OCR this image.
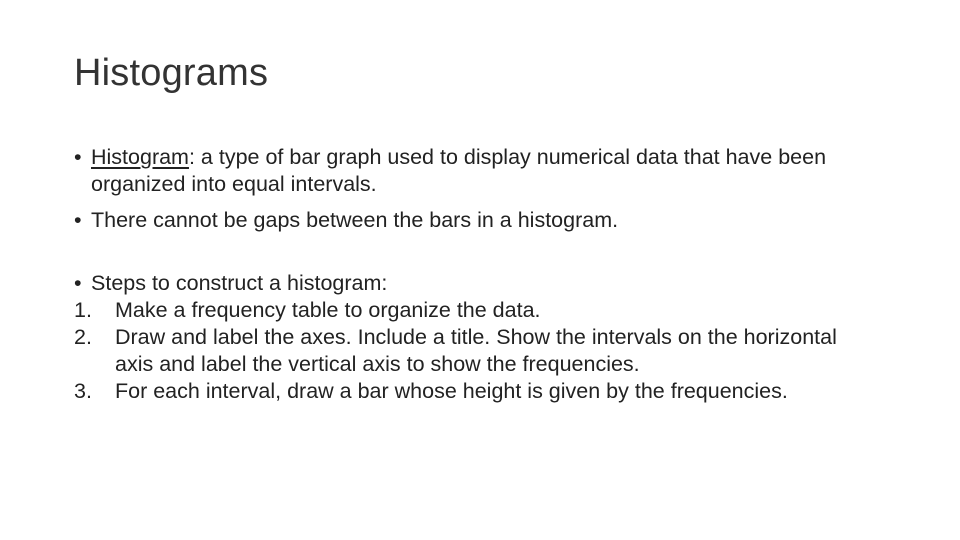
Histograms
• Histogram: a type of bar graph used to display numerical data that have been organized into equal intervals.
• There cannot be gaps between the bars in a histogram.
• Steps to construct a histogram:
1.	Make a frequency table to organize the data.
2.	Draw and label the axes. Include a title. Show the intervals on the horizontal axis and label the vertical axis to show the frequencies.
3.	For each interval, draw a bar whose height is given by the frequencies.
